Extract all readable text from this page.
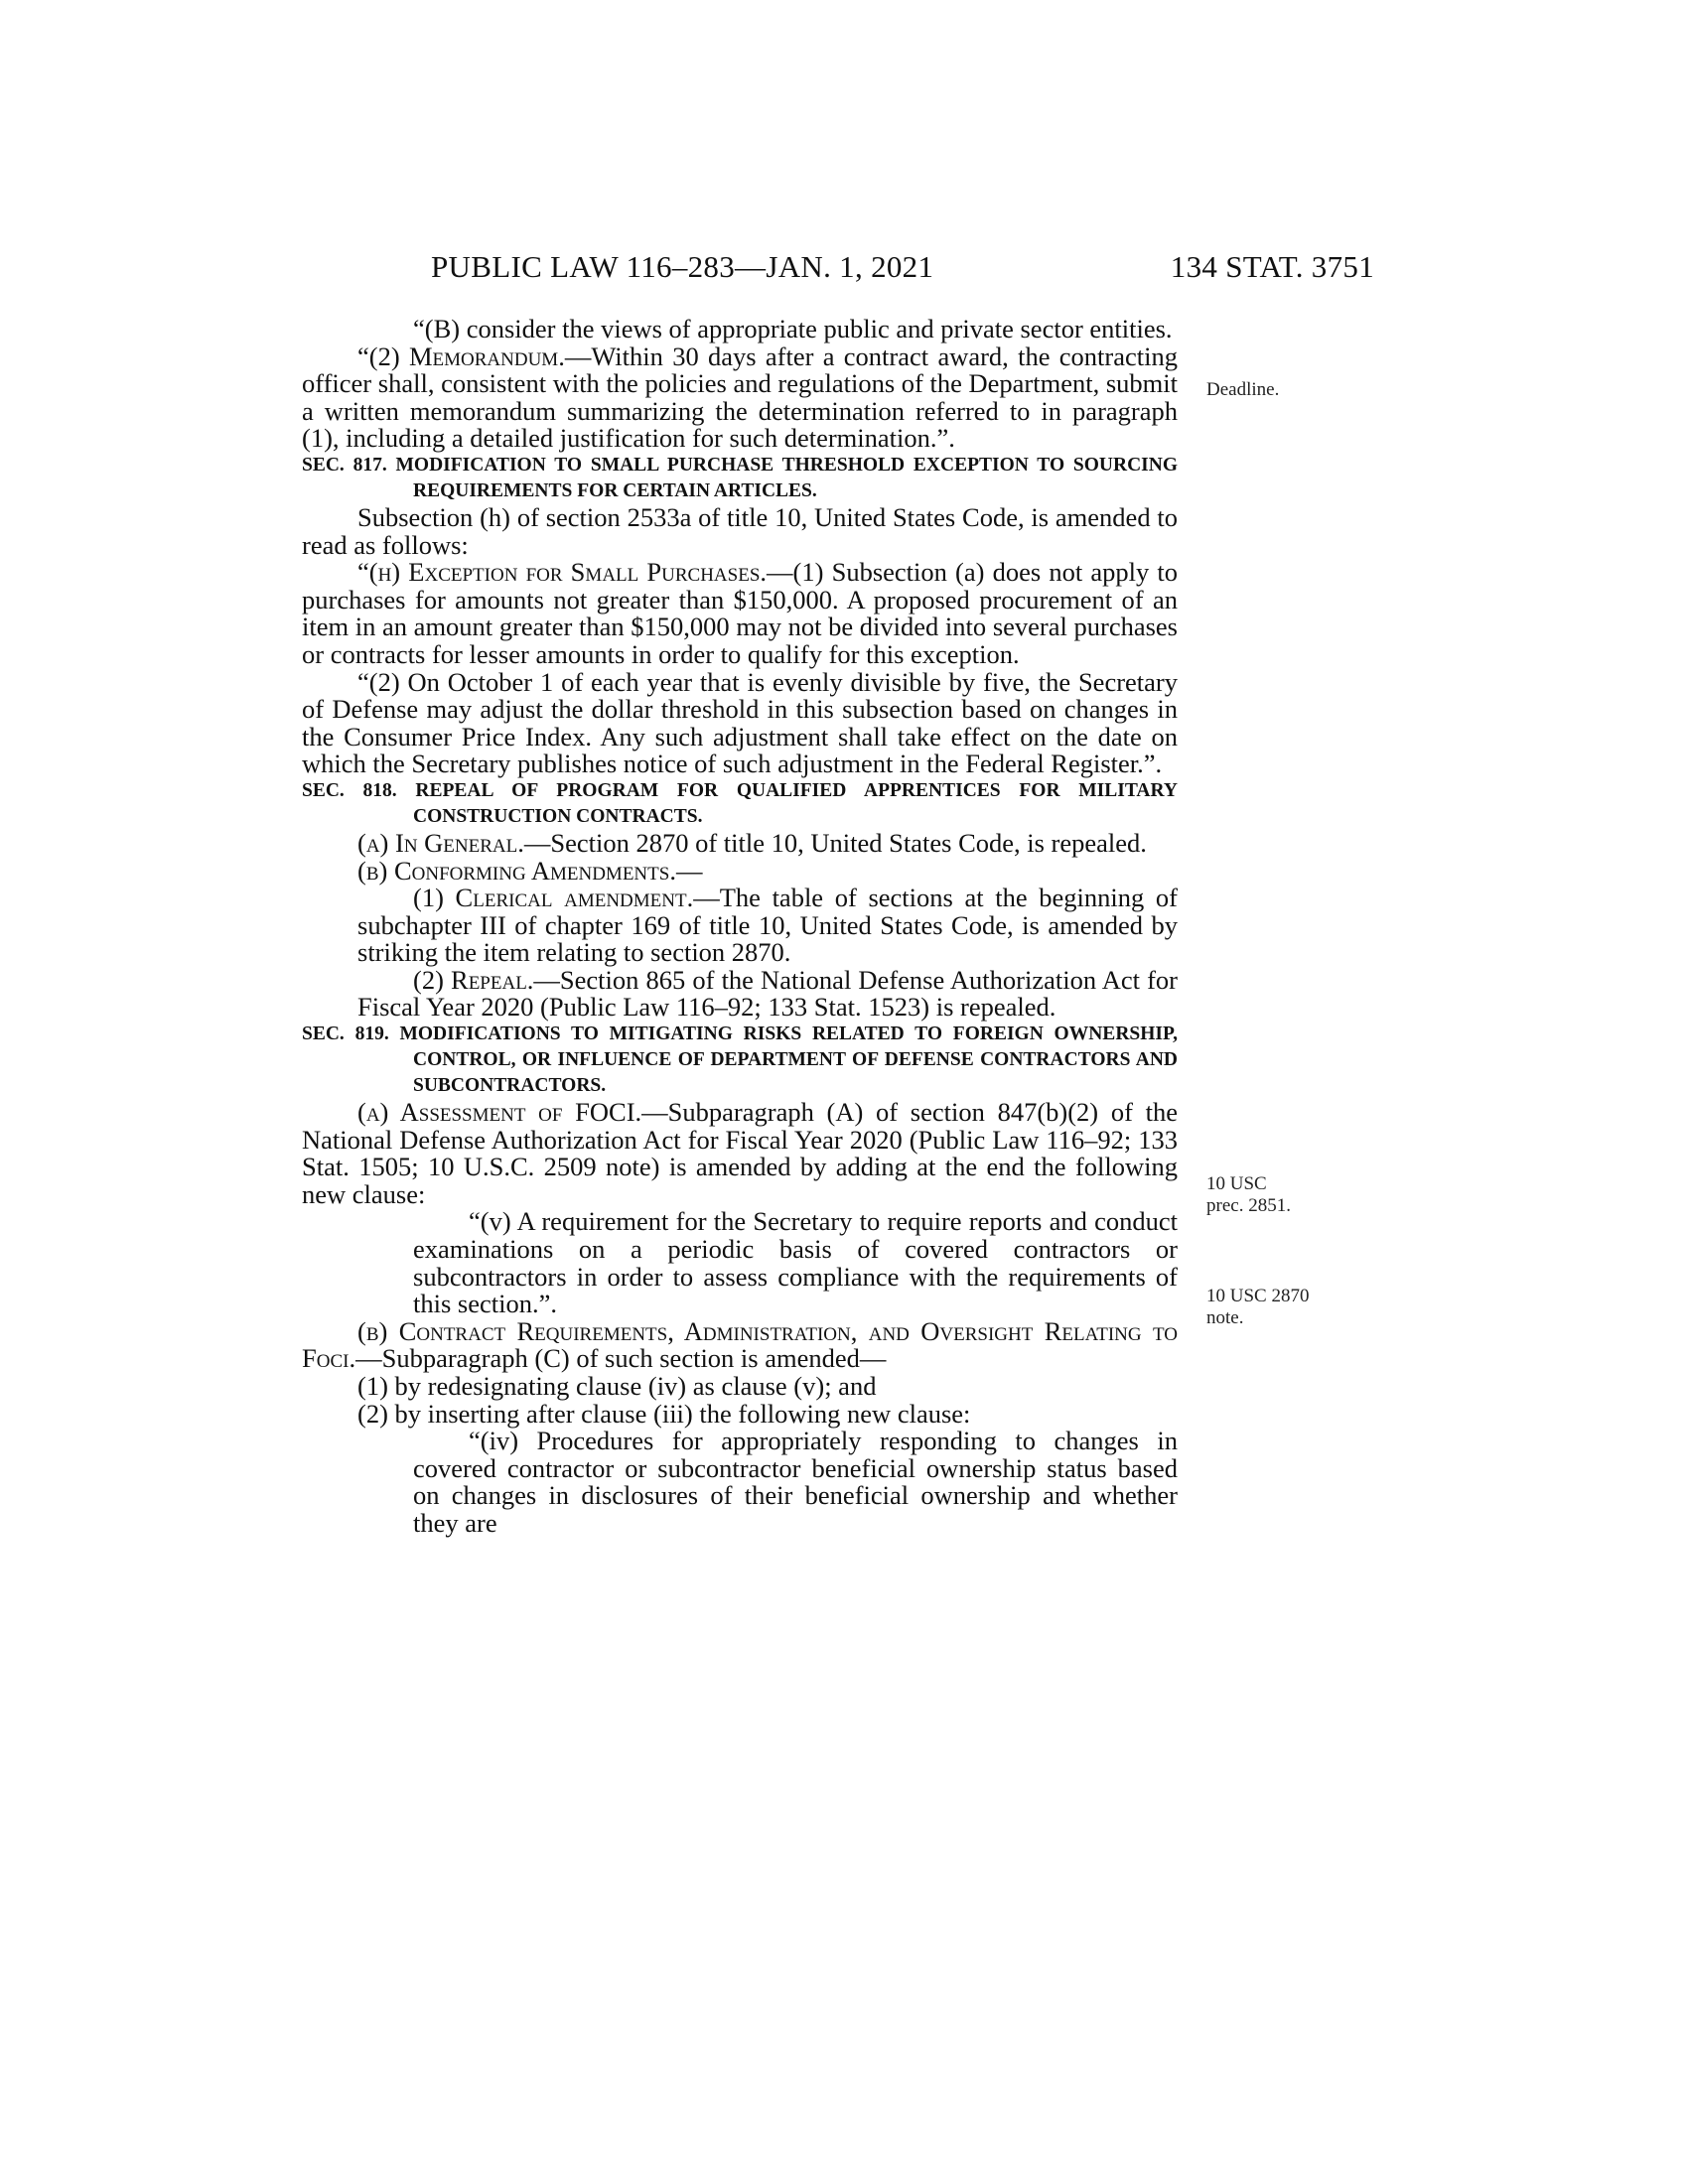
PUBLIC LAW 116–283—JAN. 1, 2021	134 STAT. 3751

“(B) consider the views of appropriate public and private sector entities.

“(2) Memorandum.—Within 30 days after a contract award, the contracting officer shall, consistent with the policies and regulations of the Department, submit a written memorandum summarizing the determination referred to in paragraph (1), including a detailed justification for such determination.”.

SEC. 817. MODIFICATION TO SMALL PURCHASE THRESHOLD EXCEPTION TO SOURCING REQUIREMENTS FOR CERTAIN ARTICLES.

Subsection (h) of section 2533a of title 10, United States Code, is amended to read as follows:

“(h) Exception for Small Purchases.—(1) Subsection (a) does not apply to purchases for amounts not greater than $150,000. A proposed procurement of an item in an amount greater than $150,000 may not be divided into several purchases or contracts for lesser amounts in order to qualify for this exception.

“(2) On October 1 of each year that is evenly divisible by five, the Secretary of Defense may adjust the dollar threshold in this subsection based on changes in the Consumer Price Index. Any such adjustment shall take effect on the date on which the Secretary publishes notice of such adjustment in the Federal Register.”.

SEC. 818. REPEAL OF PROGRAM FOR QUALIFIED APPRENTICES FOR MILITARY CONSTRUCTION CONTRACTS.

(a) In General.—Section 2870 of title 10, United States Code, is repealed.

(b) Conforming Amendments.—

(1) Clerical amendment.—The table of sections at the beginning of subchapter III of chapter 169 of title 10, United States Code, is amended by striking the item relating to section 2870.

(2) Repeal.—Section 865 of the National Defense Authorization Act for Fiscal Year 2020 (Public Law 116–92; 133 Stat. 1523) is repealed.

SEC. 819. MODIFICATIONS TO MITIGATING RISKS RELATED TO FOREIGN OWNERSHIP, CONTROL, OR INFLUENCE OF DEPARTMENT OF DEFENSE CONTRACTORS AND SUBCONTRACTORS.

(a) Assessment of FOCI.—Subparagraph (A) of section 847(b)(2) of the National Defense Authorization Act for Fiscal Year 2020 (Public Law 116–92; 133 Stat. 1505; 10 U.S.C. 2509 note) is amended by adding at the end the following new clause:

“(v) A requirement for the Secretary to require reports and conduct examinations on a periodic basis of covered contractors or subcontractors in order to assess compliance with the requirements of this section.”.

(b) Contract Requirements, Administration, and Oversight Relating to Foci.—Subparagraph (C) of such section is amended—

(1) by redesignating clause (iv) as clause (v); and

(2) by inserting after clause (iii) the following new clause:

“(iv) Procedures for appropriately responding to changes in covered contractor or subcontractor beneficial ownership status based on changes in disclosures of their beneficial ownership and whether they are

Deadline.
10 USC
prec. 2851.
10 USC 2870
note.
